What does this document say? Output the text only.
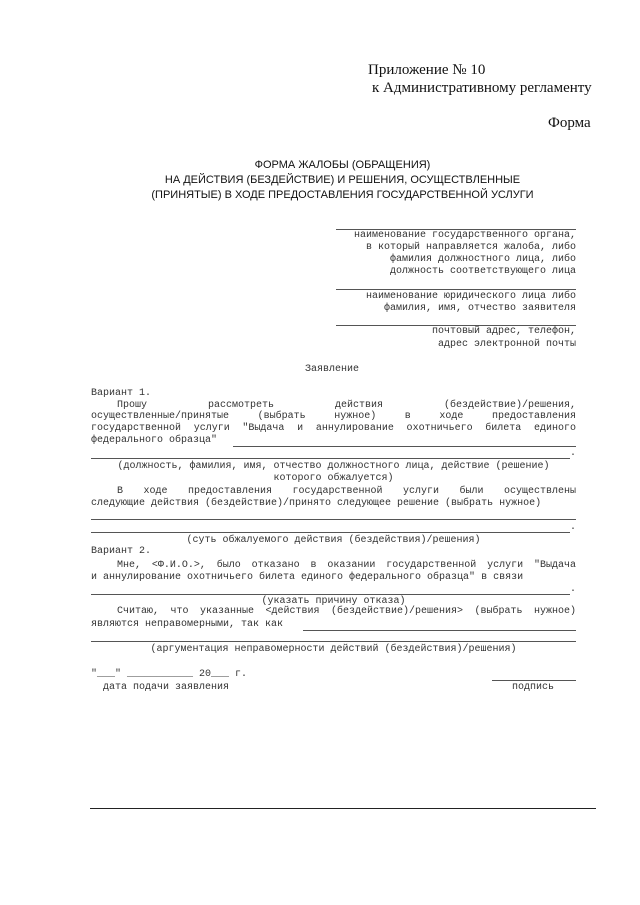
Приложение № 10
к Административному регламенту
Форма
ФОРМА ЖАЛОБЫ (ОБРАЩЕНИЯ)
НА ДЕЙСТВИЯ (БЕЗДЕЙСТВИЕ) И РЕШЕНИЯ, ОСУЩЕСТВЛЕННЫЕ
(ПРИНЯТЫЕ) В ХОДЕ ПРЕДОСТАВЛЕНИЯ ГОСУДАРСТВЕННОЙ УСЛУГИ
наименование государственного органа,
в который направляется жалоба, либо
фамилия должностного лица, либо
должность соответствующего лица
наименование юридического лица либо
фамилия, имя, отчество заявителя
почтовый адрес, телефон,
адрес электронной почты
Заявление
Вариант 1.
Прошу рассмотреть действия (бездействие)/решения,
осуществленные/принятые (выбрать нужное) в ходе предоставления
государственной услуги "Выдача и аннулирование охотничьего билета единого
федерального образца"
.
(должность, фамилия, имя, отчество должностного лица, действие (решение)
которого обжалуется)
В ходе предоставления государственной услуги были осуществлены
следующие действия (бездействие)/принято следующее решение (выбрать нужное)
.
(суть обжалуемого действия (бездействия)/решения)
Вариант 2.
Мне, <Ф.И.О.>, было отказано в оказании государственной услуги "Выдача
и аннулирование охотничьего билета единого федерального образца" в связи
.
(указать причину отказа)
Считаю, что указанные <действия (бездействие)/решения> (выбрать нужное)
являются неправомерными, так как
(аргументация неправомерности действий (бездействия)/решения)
"___" ___________ 20___ г.
дата подачи заявления	подпись
